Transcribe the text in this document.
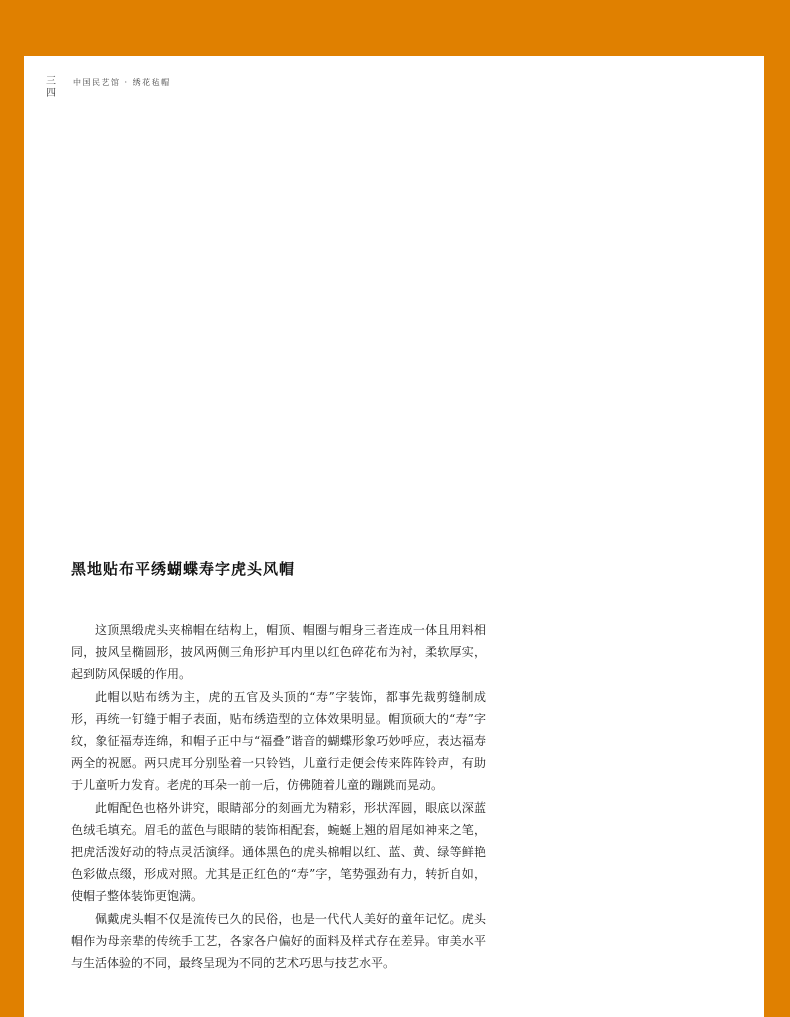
三
四
中国民艺馆 · 绣花毡帽
黑地贴布平绣蝴蝶寿字虎头风帽

这顶黑缎虎头夹棉帽在结构上，帽顶、帽圈与帽身三者连成一体且用料相同，披风呈椭圆形，披风两侧三角形护耳内里以红色碎花布为衬，柔软厚实，起到防风保暖的作用。

此帽以贴布绣为主，虎的五官及头顶的“寿”字装饰，都事先裁剪缝制成形，再统一钉缝于帽子表面，贴布绣造型的立体效果明显。帽顶硕大的“寿”字纹，象征福寿连绵，和帽子正中与“福叠”谐音的蝴蝶形象巧妙呼应，表达福寿两全的祝愿。两只虎耳分别坠着一只铃铛，儿童行走便会传来阵阵铃声，有助于儿童听力发育。老虎的耳朵一前一后，仿佛随着儿童的蹦跳而晃动。

此帽配色也格外讲究，眼睛部分的刻画尤为精彩，形状浑圆，眼底以深蓝色绒毛填充。眉毛的蓝色与眼睛的装饰相配套，蜿蜒上翘的眉尾如神来之笔，把虎活泼好动的特点灵活演绎。通体黑色的虎头棉帽以红、蓝、黄、绿等鲜艳色彩做点缀，形成对照。尤其是正红色的“寿”字，笔势强劲有力，转折自如，使帽子整体装饰更饱满。

佩戴虎头帽不仅是流传已久的民俗，也是一代代人美好的童年记忆。虎头帽作为母亲辈的传统手工艺，各家各户偏好的面料及样式存在差异。审美水平与生活体验的不同，最终呈现为不同的艺术巧思与技艺水平。
